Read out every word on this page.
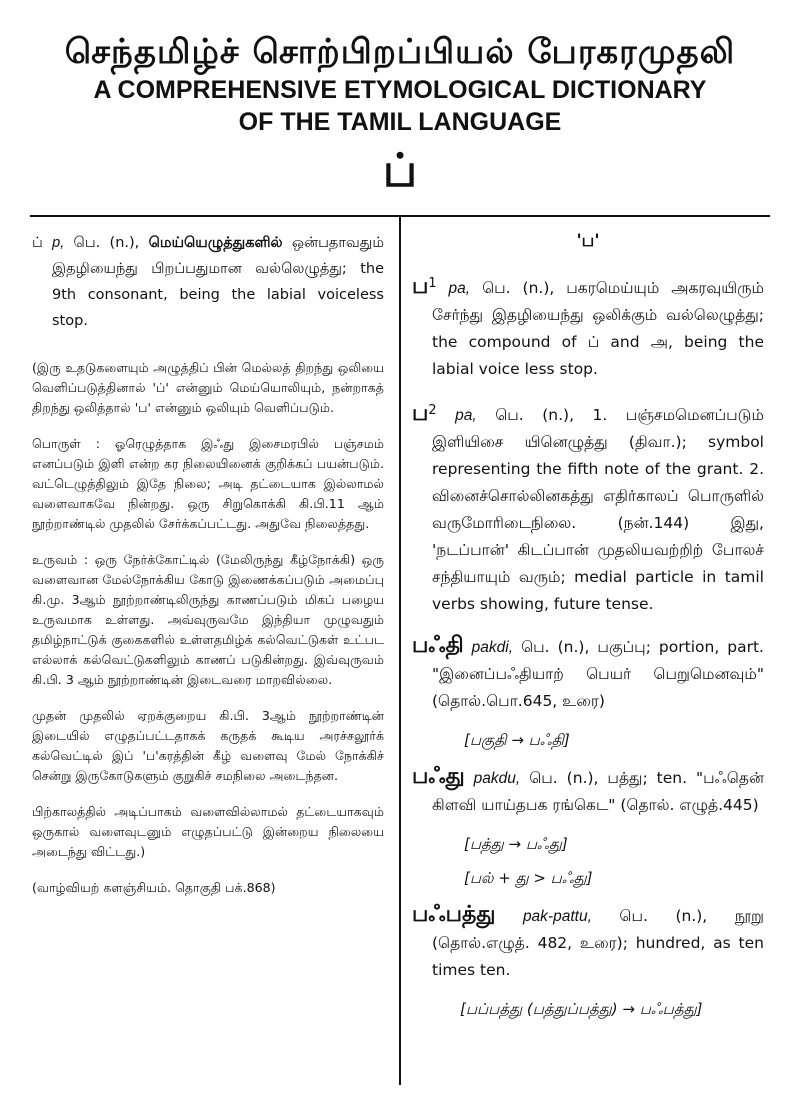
செந்தமிழ்ச் சொற்பிறப்பியல் பேரகரமுதலி
A COMPREHENSIVE ETYMOLOGICAL DICTIONARY
OF THE TAMIL LANGUAGE
ப்

ப் p, பெ. (n.), மெய்யெழுத்துகளில் ஒன்பதாவதும் இதழியைந்து பிறப்பதுமான வல்லெழுத்து; the 9th consonant, being the labial voiceless stop.

(இரு உதடுகளையும் அழுத்திப் பின் மெல்லத் திறந்து ஒலியை வெளிப்படுத்தினால் 'ப்' என்னும் மெய்யொலியும், நன்றாகத் திறந்து ஒலித்தால் 'ப' என்னும் ஒலியும் வெளிப்படும்.

பொருள் : ஓரெழுத்தாக இஃது இசைமரபில் பஞ்சமம் எனப்படும் இளி என்ற கர நிலையினைக் குறிக்கப் பயன்படும். வட்டெழுத்திலும் இதே நிலை; அடி தட்டையாக இல்லாமல் வளைவாகவே நின்றது. ஒரு சிறுகொக்கி கி.பி.11 ஆம் நூற்றாண்டில் முதலில் சேர்க்கப்பட்டது. அதுவே நிலைத்தது.

உருவம் : ஒரு நேர்க்கோட்டில் (மேலிருந்து கீழ்நோக்கி) ஒரு வளைவான மேல்நோக்கிய கோடு இணைக்கப்படும் அமைப்பு கி.மு. 3ஆம் நூற்றாண்டிலிருந்து காணப்படும் மிகப் பழைய உருவமாக உள்ளது. அவ்வுருவமே இந்தியா முழுவதும் தமிழ்நாட்டுக் குகைகளில் உள்ளதமிழ்க் கல்வெட்டுகள் உட்பட எல்லாக் கல்வெட்டுகளிலும் காணப் படுகின்றது. இவ்வுருவம் கி.பி. 3 ஆம் நூற்றாண்டின் இடைவரை மாறவில்லை.

முதன் முதலில் ஏறக்குறைய கி.பி. 3ஆம் நூற்றாண்டின் இடையில் எழுதப்பட்டதாகக் கருதக் கூடிய அரச்சலூர்க் கல்வெட்டில் இப் 'ப'கரத்தின் கீழ் வளைவு மேல் நோக்கிச் சென்று இருகோடுகளும் குறுகிச் சமநிலை அடைந்தன.

பிற்காலத்தில் அடிப்பாகம் வளைவில்லாமல் தட்டையாகவும் ஒருகால் வளைவுடனும் எழுதப்பட்டு இன்றைய நிலையை அடைந்து விட்டது.)

(வாழ்வியற் களஞ்சியம். தொகுதி பக்.868)

'ப'

ப$^1$ pa, பெ. (n.), பகரமெய்யும் அகரவுயிரும் சேர்ந்து இதழியைந்து ஒலிக்கும் வல்லெழுத்து; the compound of ப் and அ, being the labial voice less stop.

ப$^2$ pa, பெ. (n.), 1. பஞ்சமமெனப்படும் இளியிசை யினெழுத்து (திவா.); symbol representing the fifth note of the grant. 2. வினைச்சொல்லினகத்து எதிர்காலப் பொருளில் வருமோரிடைநிலை. (நன்.144) இது, 'நடப்பான்' கிடப்பான் முதலியவற்றிற் போலச் சந்தியாயும் வரும்; medial particle in tamil verbs showing, future tense.

பஃதி pakdi, பெ. (n.), பகுப்பு; portion, part. "இனைப்பஃதியாற் பெயர் பெறுமெனவும்" (தொல்.பொ.645, உரை)

[பகுதி → பஃதி]

பஃது pakdu, பெ. (n.), பத்து; ten. "பஃதென் கிளவி யாய்தபக ரங்கெட" (தொல். எழுத்.445)

[பத்து → பஃது]

[பல் + து > பஃது]

பஃபத்து pak-pattu, பெ. (n.), நூறு (தொல்.எழுத். 482, உரை); hundred, as ten times ten.

[பப்பத்து (பத்துப்பத்து) → பஃபத்து]
